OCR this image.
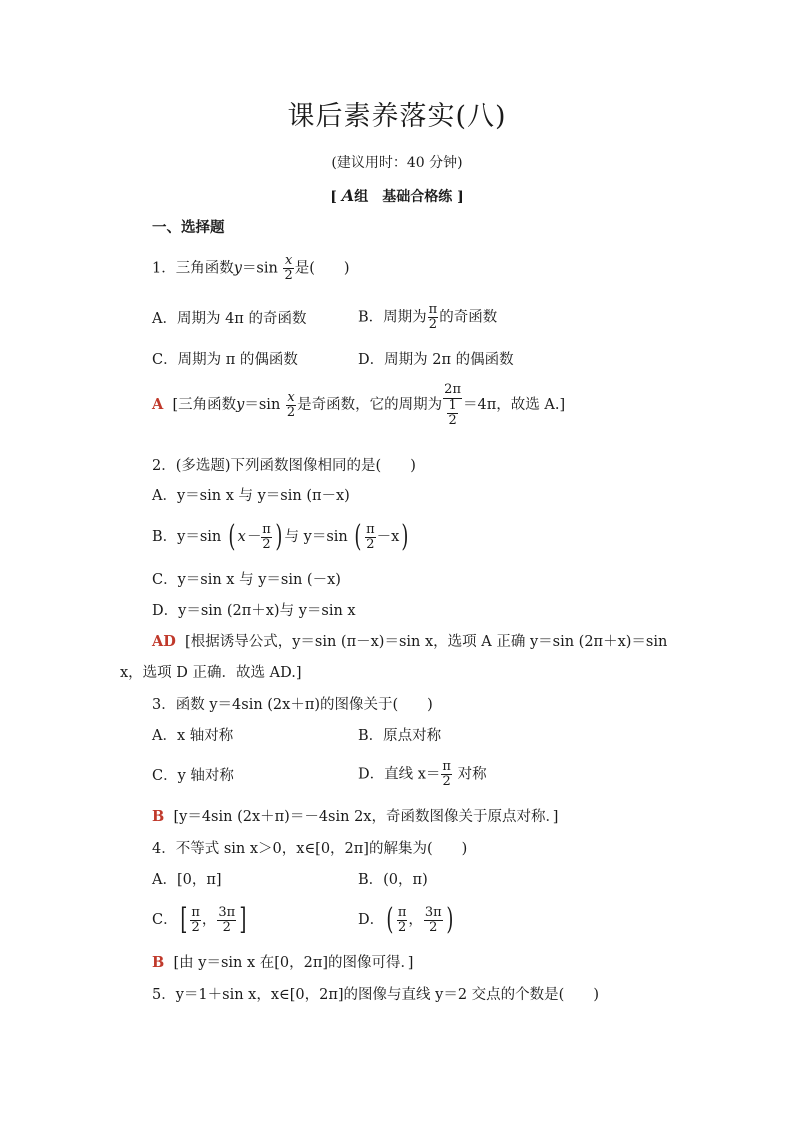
课后素养落实(八)
(建议用时：40 分钟)
[ A组　基础合格练 ]
一、选择题
1．三角函数$y=\sin \frac{x}{2}$ 是(　　)
A．周期为 4π 的奇函数	B．周期为 $\frac{\pi}{2}$ 的奇函数
C．周期为 π 的偶函数	D．周期为 2π 的偶函数
A [三角函数$y=\sin \frac{x}{2}$ 是奇函数，它的周期为 $\frac{2\pi}{\frac{1}{2}} =4\pi$，故选 A.]
2．(多选题)下列函数图像相同的是(　　)
A．y＝sin x 与 y＝sin (π－x)
B．y＝sin ( $x- \frac{\pi}{2}$ ) 与 y＝sin ( $\frac{\pi}{2} -x$)
C．y＝sin x 与 y＝sin (－x)
D．y＝sin (2π＋x)与 y＝sin x
AD [根据诱导公式，y＝sin (π－x)＝sin x，选项 A 正确 y＝sin (2π＋x)＝sin
x，选项 D 正确．故选 AD.]
3．函数 y＝4sin (2x＋π)的图像关于(　　)
A．x 轴对称	B．原点对称
C．y 轴对称	D．直线 $x= \frac{\pi}{2}$ 对称
B [y＝4sin (2x＋π)＝－4sin 2x，奇函数图像关于原点对称．]
4．不等式 sin x＞0，x∈[0，2π]的解集为(　　)
A．[0，π]	B．(0，π)
C．[ $\frac{\pi}{2}$ ， $\frac{3\pi}{2}$ ]	D．( $\frac{\pi}{2}$ ， $\frac{3\pi}{2}$ )
B [由 y＝sin x 在[0，2π]的图像可得．]
5．y＝1＋sin x，x∈[0，2π]的图像与直线 y＝2 交点的个数是(　　)
